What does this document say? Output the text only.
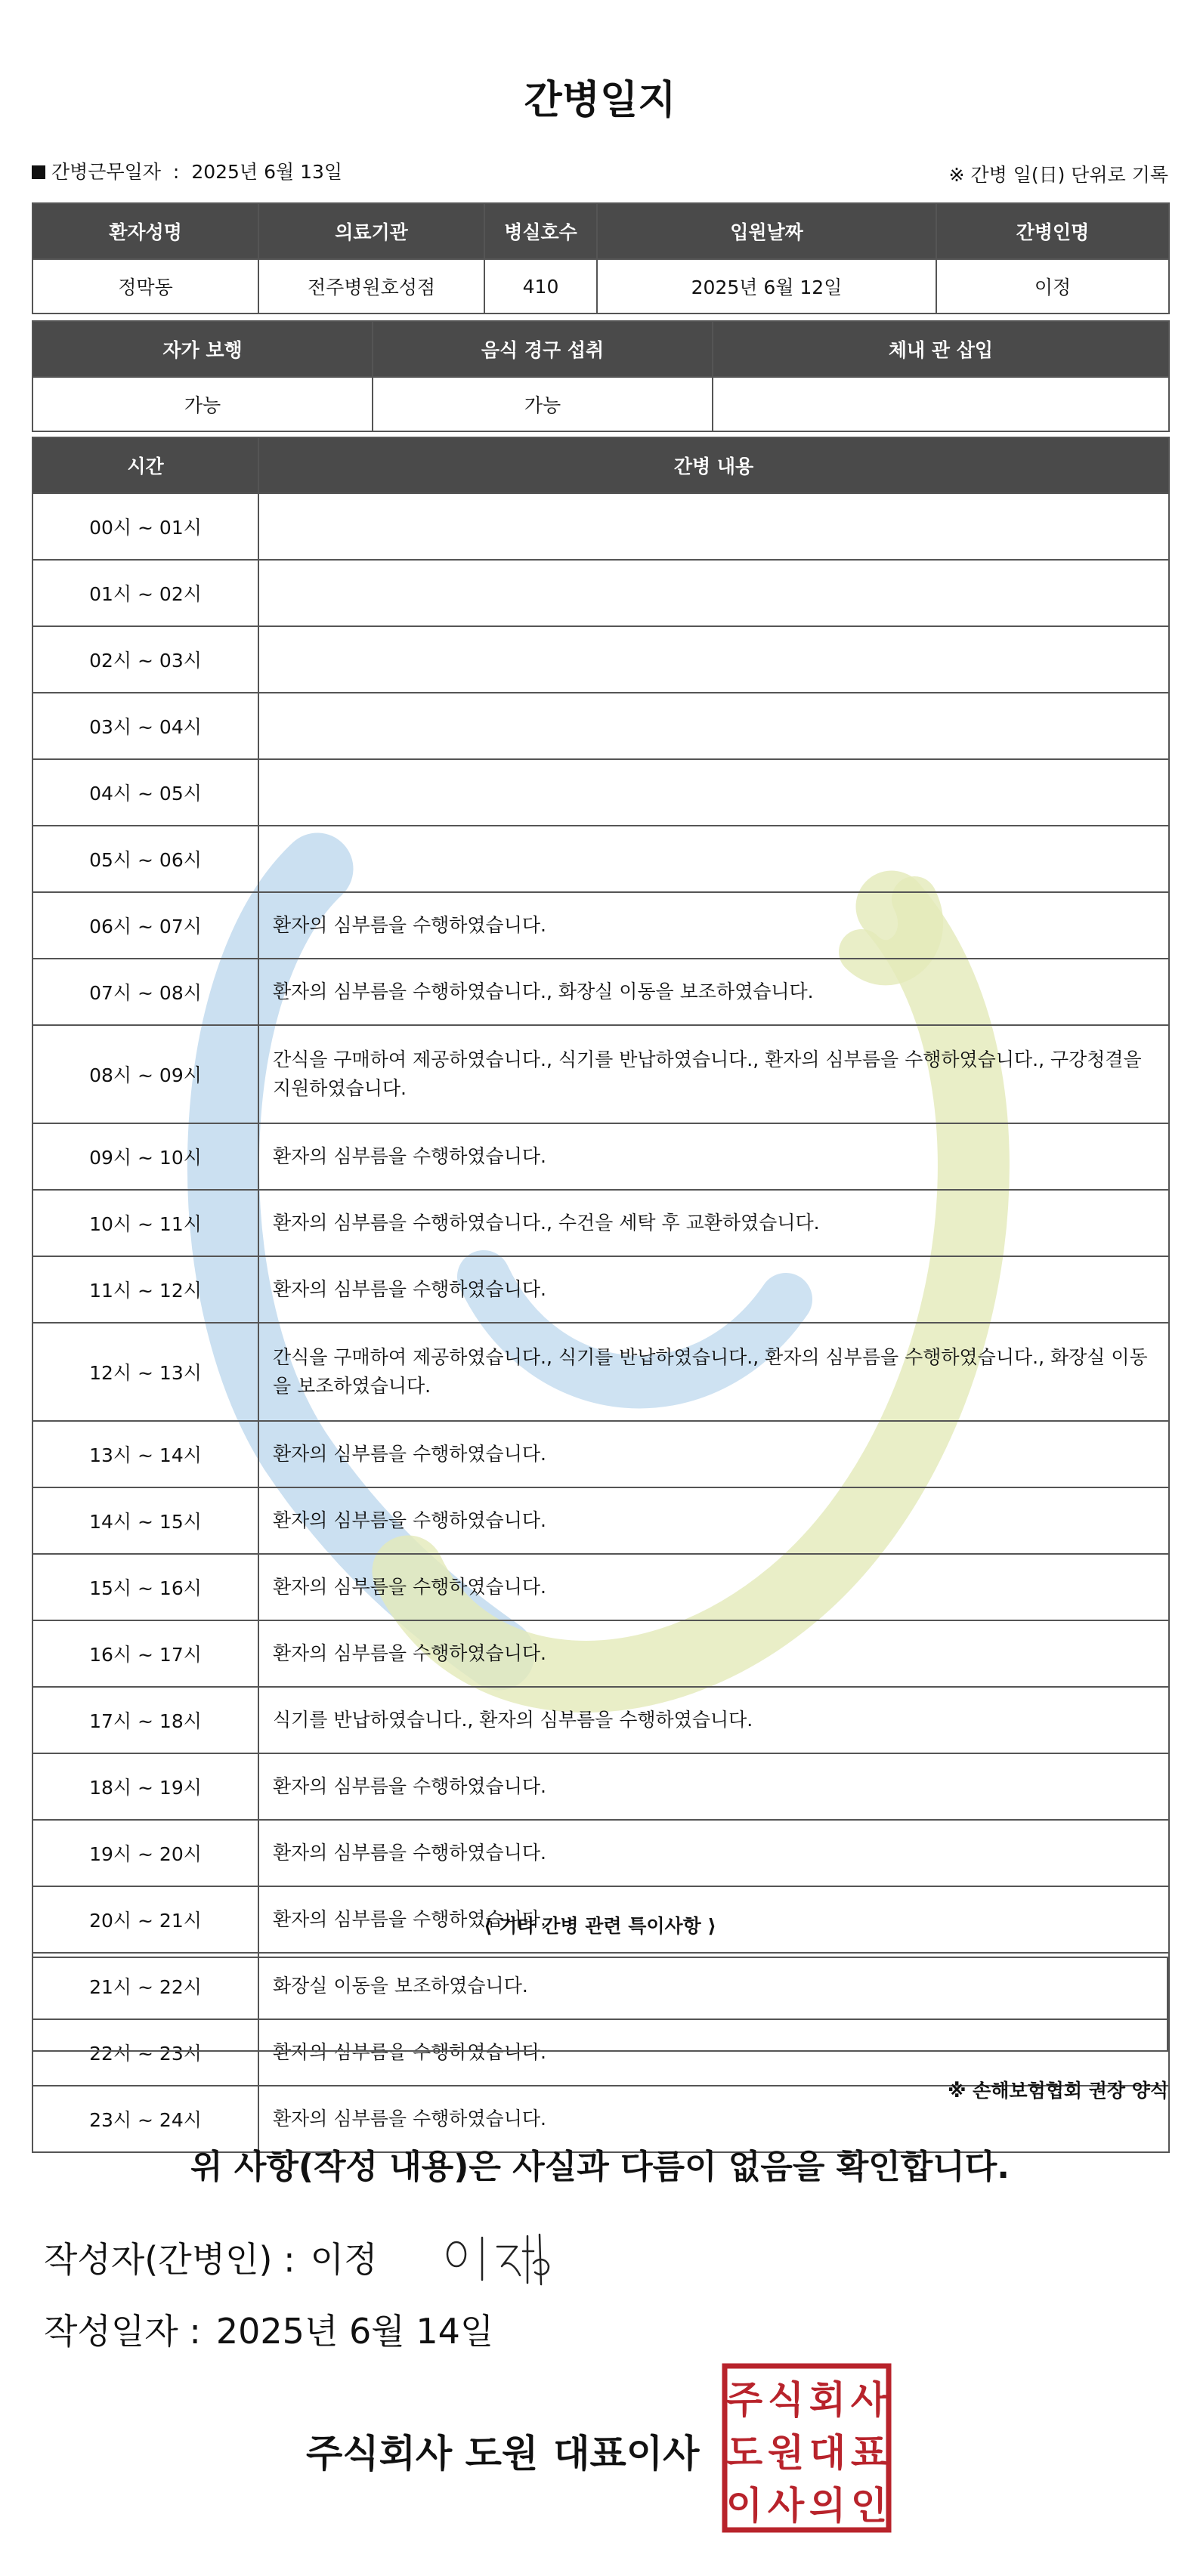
간병일지
간병근무일자 : 2025년 6월 13일	※ 간병 일(日) 단위로 기록
환자성명	의료기관	병실호수	입원날짜	간병인명
정막동	전주병원호성점	410	2025년 6월 12일	이정
자가 보행	음식 경구 섭취	체내 관 삽입
가능	가능	
시간	간병 내용
00시 ~ 01시	
01시 ~ 02시	
02시 ~ 03시	
03시 ~ 04시	
04시 ~ 05시	
05시 ~ 06시	
06시 ~ 07시	환자의 심부름을 수행하였습니다.
07시 ~ 08시	환자의 심부름을 수행하였습니다., 화장실 이동을 보조하였습니다.
08시 ~ 09시	간식을 구매하여 제공하였습니다., 식기를 반납하였습니다., 환자의 심부름을 수행하였습니다., 구강청결을 지원하였습니다.
09시 ~ 10시	환자의 심부름을 수행하였습니다.
10시 ~ 11시	환자의 심부름을 수행하였습니다., 수건을 세탁 후 교환하였습니다.
11시 ~ 12시	환자의 심부름을 수행하였습니다.
12시 ~ 13시	간식을 구매하여 제공하였습니다., 식기를 반납하였습니다., 환자의 심부름을 수행하였습니다., 화장실 이동을 보조하였습니다.
13시 ~ 14시	환자의 심부름을 수행하였습니다.
14시 ~ 15시	환자의 심부름을 수행하였습니다.
15시 ~ 16시	환자의 심부름을 수행하였습니다.
16시 ~ 17시	환자의 심부름을 수행하였습니다.
17시 ~ 18시	식기를 반납하였습니다., 환자의 심부름을 수행하였습니다.
18시 ~ 19시	환자의 심부름을 수행하였습니다.
19시 ~ 20시	환자의 심부름을 수행하였습니다.
20시 ~ 21시	환자의 심부름을 수행하였습니다.
21시 ~ 22시	화장실 이동을 보조하였습니다.
22시 ~ 23시	환자의 심부름을 수행하였습니다.
23시 ~ 24시	환자의 심부름을 수행하였습니다.
⟨ 기타 간병 관련 특이사항 ⟩
※ 손해보험협회 권장 양식
위 사항(작성 내용)은 사실과 다름이 없음을 확인합니다.
작성자(간병인) : 이정
작성일자 : 2025년 6월 14일
주식회사 도원 대표이사
주 식 회 사
도 원 대 표
이 사 의 인
